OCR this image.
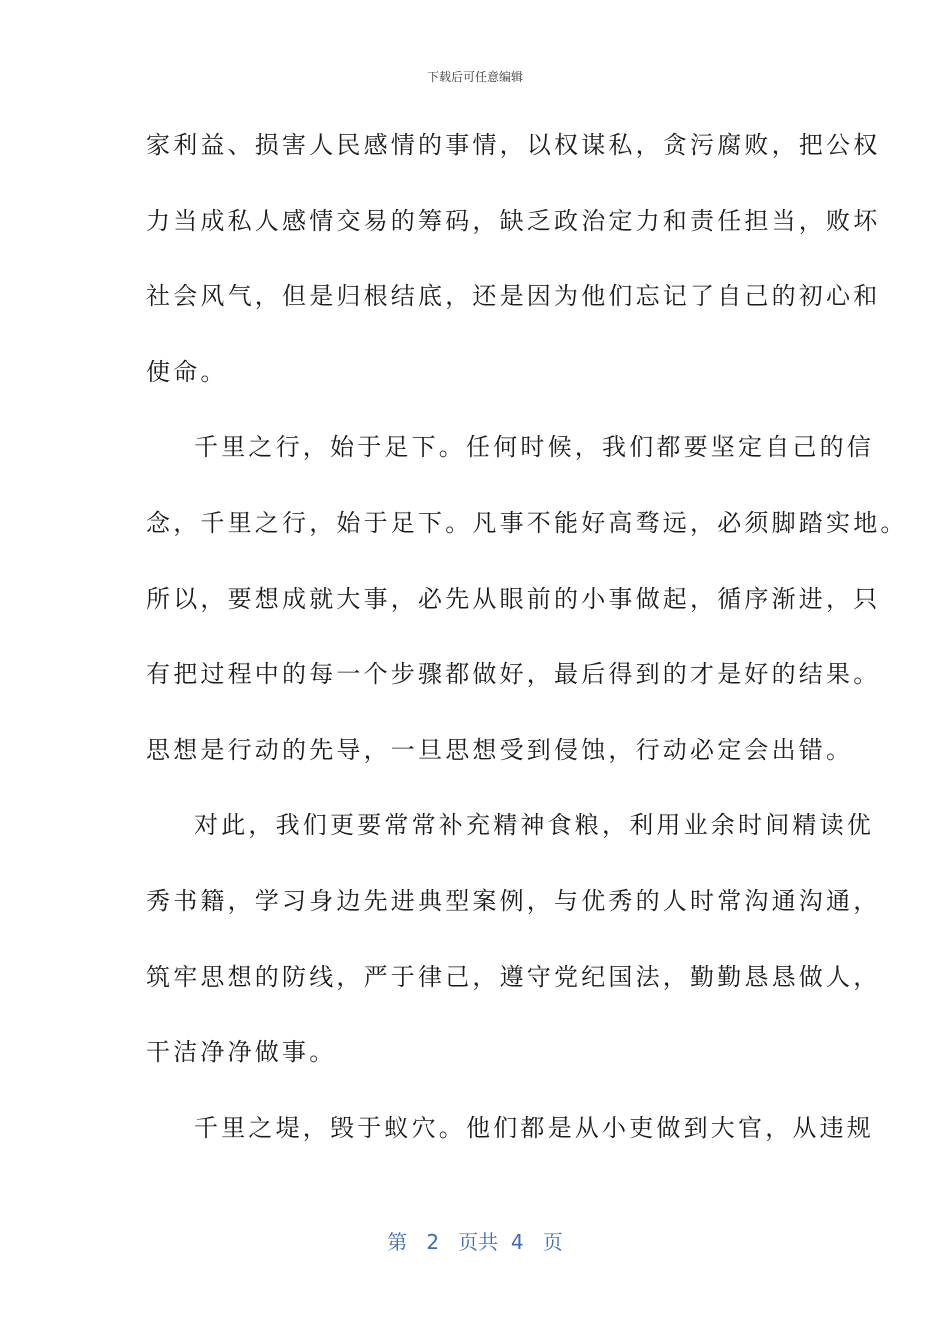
下载后可任意编辑
家利益、损害人民感情的事情，以权谋私，贪污腐败，把公权
力当成私人感情交易的筹码，缺乏政治定力和责任担当，败坏
社会风气，但是归根结底，还是因为他们忘记了自己的初心和
使命。
千里之行，始于足下。任何时候，我们都要坚定自己的信
念，千里之行，始于足下。凡事不能好高骛远，必须脚踏实地。
所以，要想成就大事，必先从眼前的小事做起，循序渐进，只
有把过程中的每一个步骤都做好，最后得到的才是好的结果。
思想是行动的先导，一旦思想受到侵蚀，行动必定会出错。
对此，我们更要常常补充精神食粮，利用业余时间精读优
秀书籍，学习身边先进典型案例，与优秀的人时常沟通沟通，
筑牢思想的防线，严于律己，遵守党纪国法，勤勤恳恳做人，
干洁净净做事。
千里之堤，毁于蚁穴。他们都是从小吏做到大官，从违规
第 2 页共 4 页
